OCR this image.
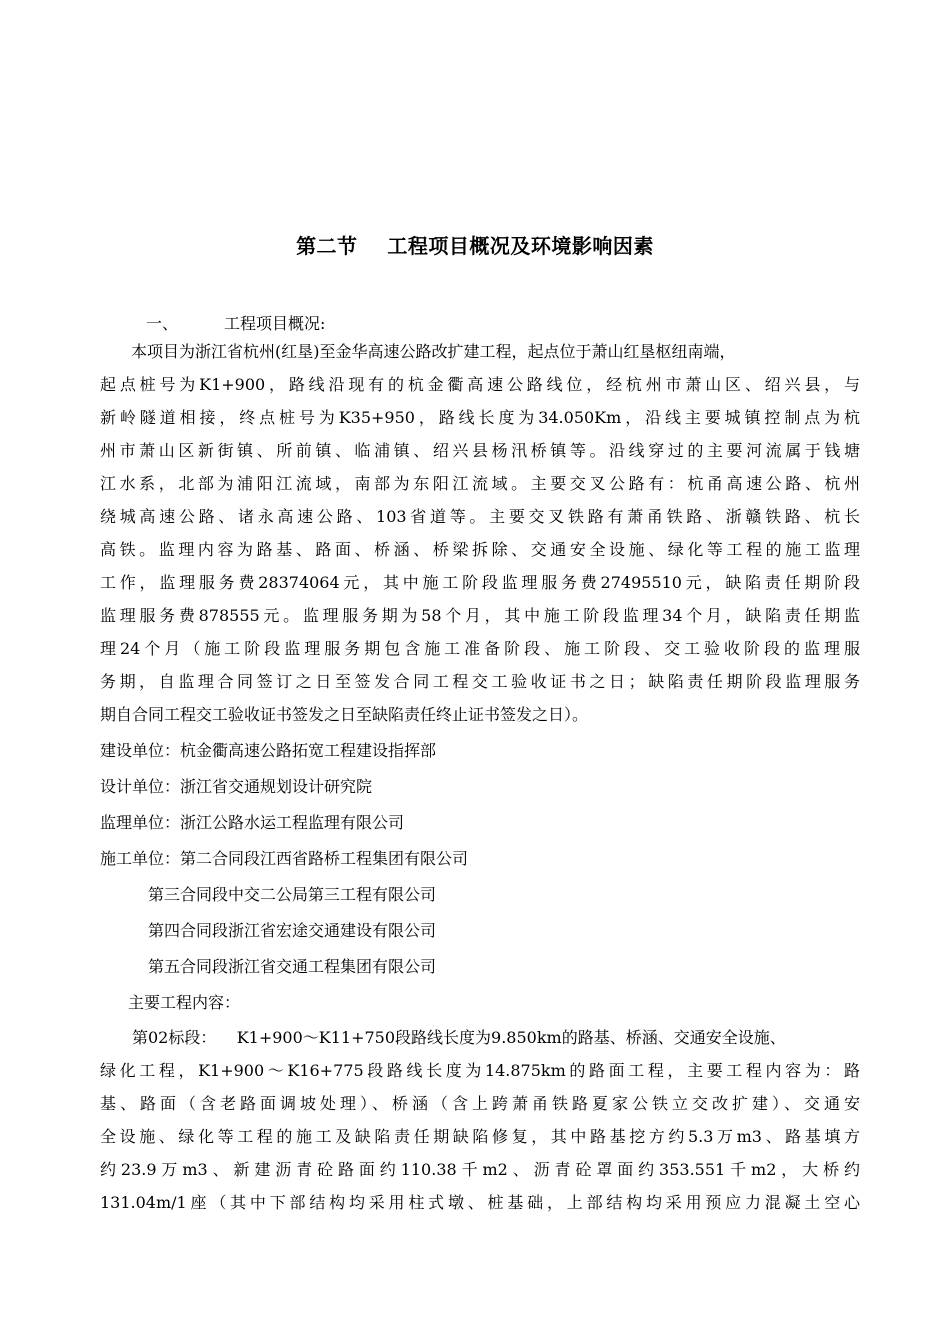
第二节    工程项目概况及环境影响因素
一、	工程项目概况:
本项目为浙江省杭州(红垦)至金华高速公路改扩建工程，起点位于萧山红垦枢纽南端，
起点桩号为K1+900，路线沿现有的杭金衢高速公路线位，经杭州市萧山区、绍兴县，与
新岭隧道相接，终点桩号为K35+950，路线长度为34.050Km，沿线主要城镇控制点为杭
州市萧山区新街镇、所前镇、临浦镇、绍兴县杨汛桥镇等。沿线穿过的主要河流属于钱塘
江水系，北部为浦阳江流域，南部为东阳江流域。主要交叉公路有：杭甬高速公路、杭州
绕城高速公路、诸永高速公路、103省道等。主要交叉铁路有萧甬铁路、浙赣铁路、杭长
高铁。监理内容为路基、路面、桥涵、桥梁拆除、交通安全设施、绿化等工程的施工监理
工作，监理服务费28374064元，其中施工阶段监理服务费27495510元，缺陷责任期阶段
监理服务费878555元。监理服务期为58个月，其中施工阶段监理34个月，缺陷责任期监
理24个月（施工阶段监理服务期包含施工准备阶段、施工阶段、交工验收阶段的监理服
务期，自监理合同签订之日至签发合同工程交工验收证书之日；缺陷责任期阶段监理服务
期自合同工程交工验收证书签发之日至缺陷责任终止证书签发之日）。
建设单位：杭金衢高速公路拓宽工程建设指挥部
设计单位：浙江省交通规划设计研究院
监理单位：浙江公路水运工程监理有限公司
施工单位：第二合同段江西省路桥工程集团有限公司
第三合同段中交二公局第三工程有限公司
第四合同段浙江省宏途交通建设有限公司
第五合同段浙江省交通工程集团有限公司
主要工程内容：
第02标段：    K1+900～K11+750段路线长度为9.850km的路基、桥涵、交通安全设施、
绿化工程，K1+900～K16+775段路线长度为14.875km的路面工程，主要工程内容为：路
基、路面（含老路面调坡处理）、桥涵（含上跨萧甬铁路夏家公铁立交改扩建）、交通安
全设施、绿化等工程的施工及缺陷责任期缺陷修复，其中路基挖方约5.3万m3、路基填方
约23.9万m3、新建沥青砼路面约110.38千m2、沥青砼罩面约353.551千m2，大桥约
131.04m/1座（其中下部结构均采用柱式墩、桩基础，上部结构均采用预应力混凝土空心
